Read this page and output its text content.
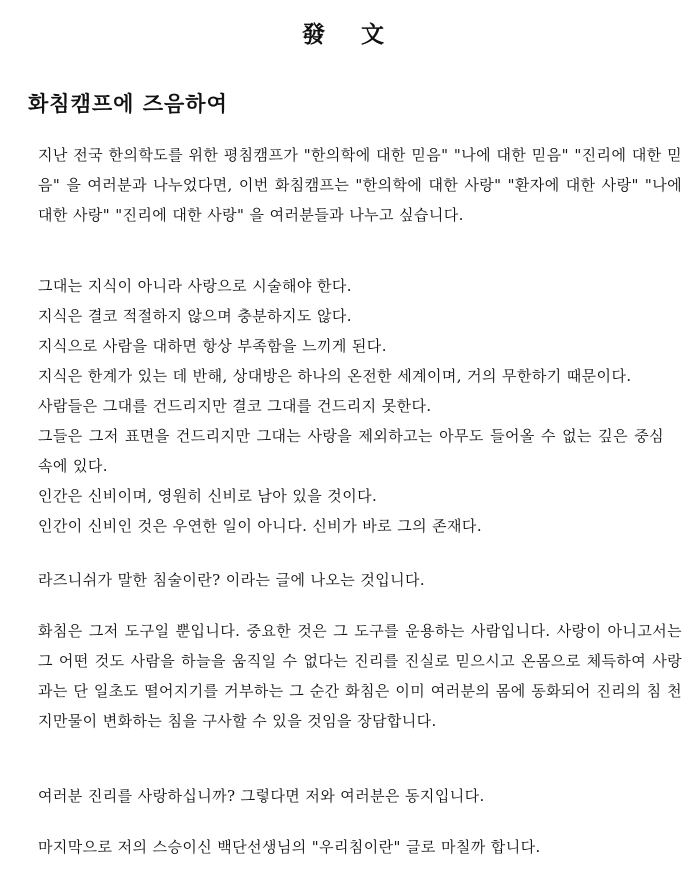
發 文
화침캠프에 즈음하여
지난 전국 한의학도를 위한 평침캠프가 "한의학에 대한 믿음" "나에 대한 믿음" "진리에 대한 믿음" 을 여러분과 나누었다면, 이번 화침캠프는 "한의학에 대한 사랑" "환자에 대한 사랑" "나에 대한 사랑" "진리에 대한 사랑" 을 여러분들과 나누고 싶습니다.
그대는 지식이 아니라 사랑으로 시술해야 한다.
지식은 결코 적절하지 않으며 충분하지도 않다.
지식으로 사람을 대하면 항상 부족함을 느끼게 된다.
지식은 한계가 있는 데 반해, 상대방은 하나의 온전한 세계이며, 거의 무한하기 때문이다.
사람들은 그대를 건드리지만 결코 그대를 건드리지 못한다.
그들은 그저 표면을 건드리지만 그대는 사랑을 제외하고는 아무도 들어올 수 없는 깊은 중심 속에 있다.
인간은 신비이며, 영원히 신비로 남아 있을 것이다.
인간이 신비인 것은 우연한 일이 아니다. 신비가 바로 그의 존재다.
라즈니쉬가 말한 침술이란? 이라는 글에 나오는 것입니다.
화침은 그저 도구일 뿐입니다. 중요한 것은 그 도구를 운용하는 사람입니다. 사랑이 아니고서는 그 어떤 것도 사람을 하늘을 움직일 수 없다는 진리를 진실로 믿으시고 온몸으로 체득하여 사랑과는 단 일초도 떨어지기를 거부하는 그 순간 화침은 이미 여러분의 몸에 동화되어 진리의 침 천지만물이 변화하는 침을 구사할 수 있을 것임을 장담합니다.
여러분 진리를 사랑하십니까? 그렇다면 저와 여러분은 동지입니다.
마지막으로 저의 스승이신 백단선생님의 "우리침이란" 글로 마칠까 합니다.
